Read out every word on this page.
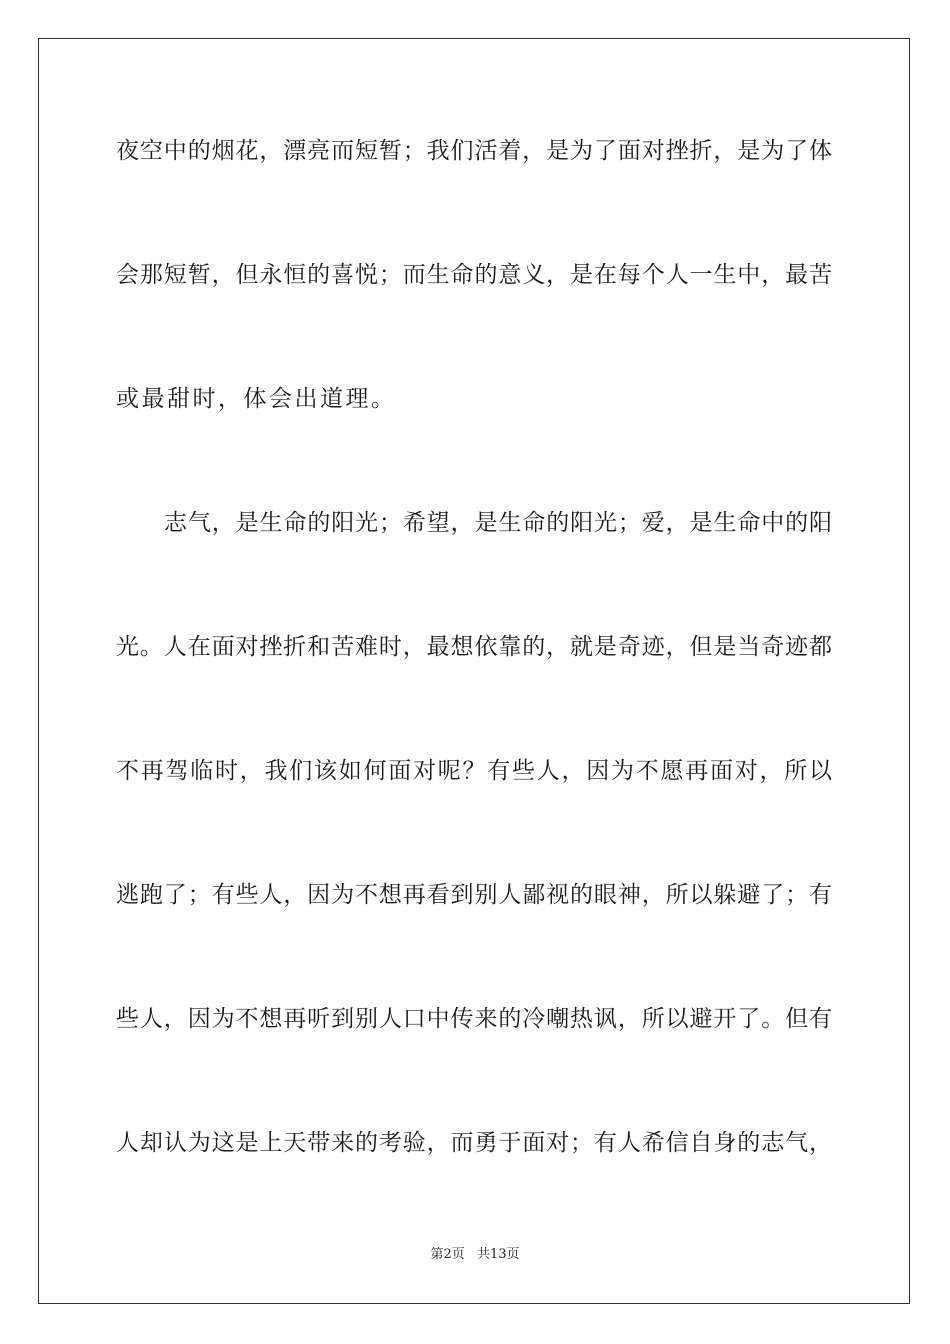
夜空中的烟花，漂亮而短暂；我们活着，是为了面对挫折，是为了体
会那短暂，但永恒的喜悦；而生命的意义，是在每个人一生中，最苦
或最甜时，体会出道理。
志气，是生命的阳光；希望，是生命的阳光；爱，是生命中的阳
光。人在面对挫折和苦难时，最想依靠的，就是奇迹，但是当奇迹都
不再驾临时，我们该如何面对呢？有些人，因为不愿再面对，所以
逃跑了；有些人，因为不想再看到别人鄙视的眼神，所以躲避了；有
些人，因为不想再听到别人口中传来的冷嘲热讽，所以避开了。但有
人却认为这是上天带来的考验，而勇于面对；有人希信自身的志气，
第2页 共13页
